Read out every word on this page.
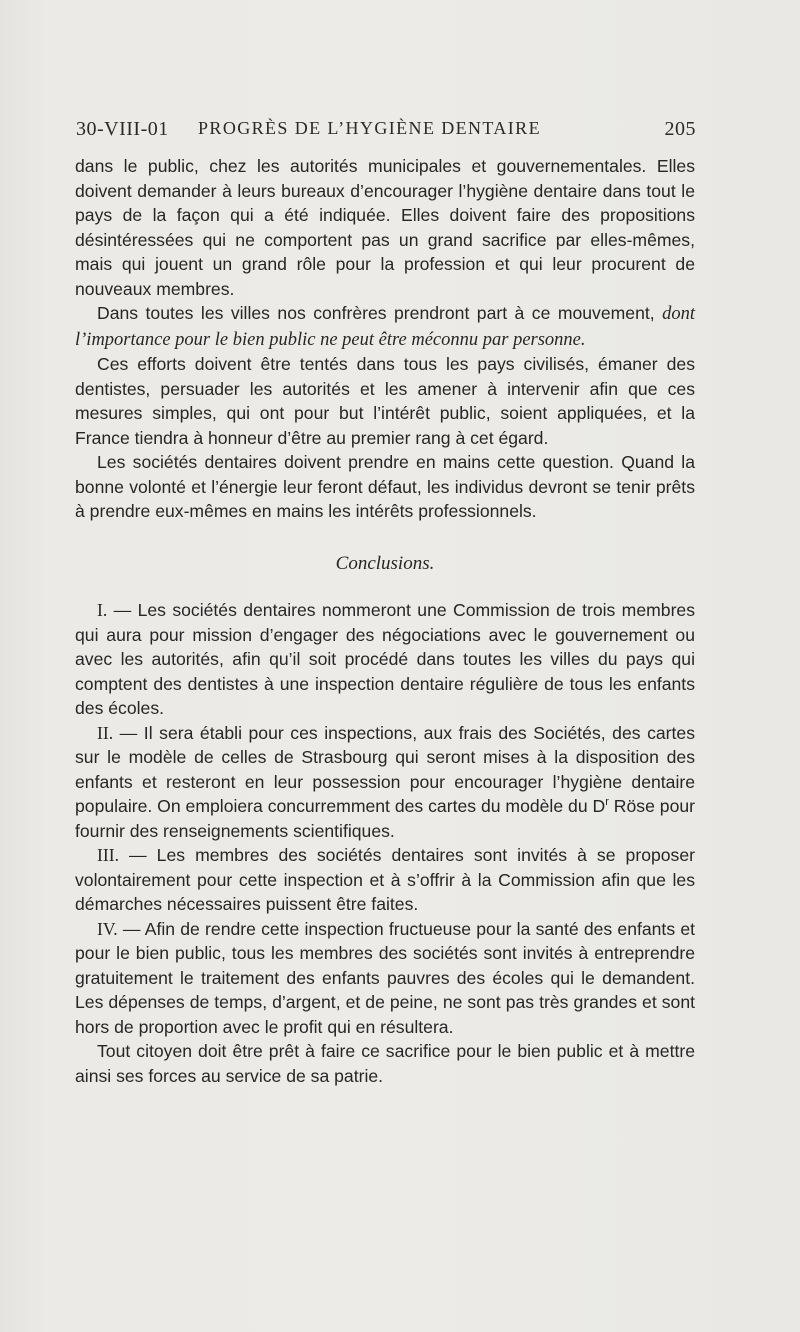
30-VIII-01 PROGRÈS DE L’HYGIÈNE DENTAIRE	205

dans le public, chez les autorités municipales et gouvernementales. Elles doivent demander à leurs bureaux d’encourager l’hygiène dentaire dans tout le pays de la façon qui a été indiquée. Elles doivent faire des propositions désintéressées qui ne comportent pas un grand sacrifice par elles-mêmes, mais qui jouent un grand rôle pour la profession et qui leur procurent de nouveaux membres.

Dans toutes les villes nos confrères prendront part à ce mouvement, dont l’importance pour le bien public ne peut être méconnu par personne.

Ces efforts doivent être tentés dans tous les pays civilisés, émaner des dentistes, persuader les autorités et les amener à intervenir afin que ces mesures simples, qui ont pour but l’intérêt public, soient appliquées, et la France tiendra à honneur d’être au premier rang à cet égard.

Les sociétés dentaires doivent prendre en mains cette question. Quand la bonne volonté et l’énergie leur feront défaut, les individus devront se tenir prêts à prendre eux-mêmes en mains les intérêts professionnels.

Conclusions.

I. — Les sociétés dentaires nommeront une Commission de trois membres qui aura pour mission d’engager des négociations avec le gouvernement ou avec les autorités, afin qu’il soit procédé dans toutes les villes du pays qui comptent des dentistes à une inspection dentaire régulière de tous les enfants des écoles.

II. — Il sera établi pour ces inspections, aux frais des Sociétés, des cartes sur le modèle de celles de Strasbourg qui seront mises à la disposition des enfants et resteront en leur possession pour encourager l’hygiène dentaire populaire. On emploiera concurremment des cartes du modèle du $D^r$ Röse pour fournir des renseignements scientifiques.

III. — Les membres des sociétés dentaires sont invités à se proposer volontairement pour cette inspection et à s’offrir à la Commission afin que les démarches nécessaires puissent être faites.

IV. — Afin de rendre cette inspection fructueuse pour la santé des enfants et pour le bien public, tous les membres des sociétés sont invités à entreprendre gratuitement le traitement des enfants pauvres des écoles qui le demandent. Les dépenses de temps, d’argent, et de peine, ne sont pas très grandes et sont hors de proportion avec le profit qui en résultera.

Tout citoyen doit être prêt à faire ce sacrifice pour le bien public et à mettre ainsi ses forces au service de sa patrie.
